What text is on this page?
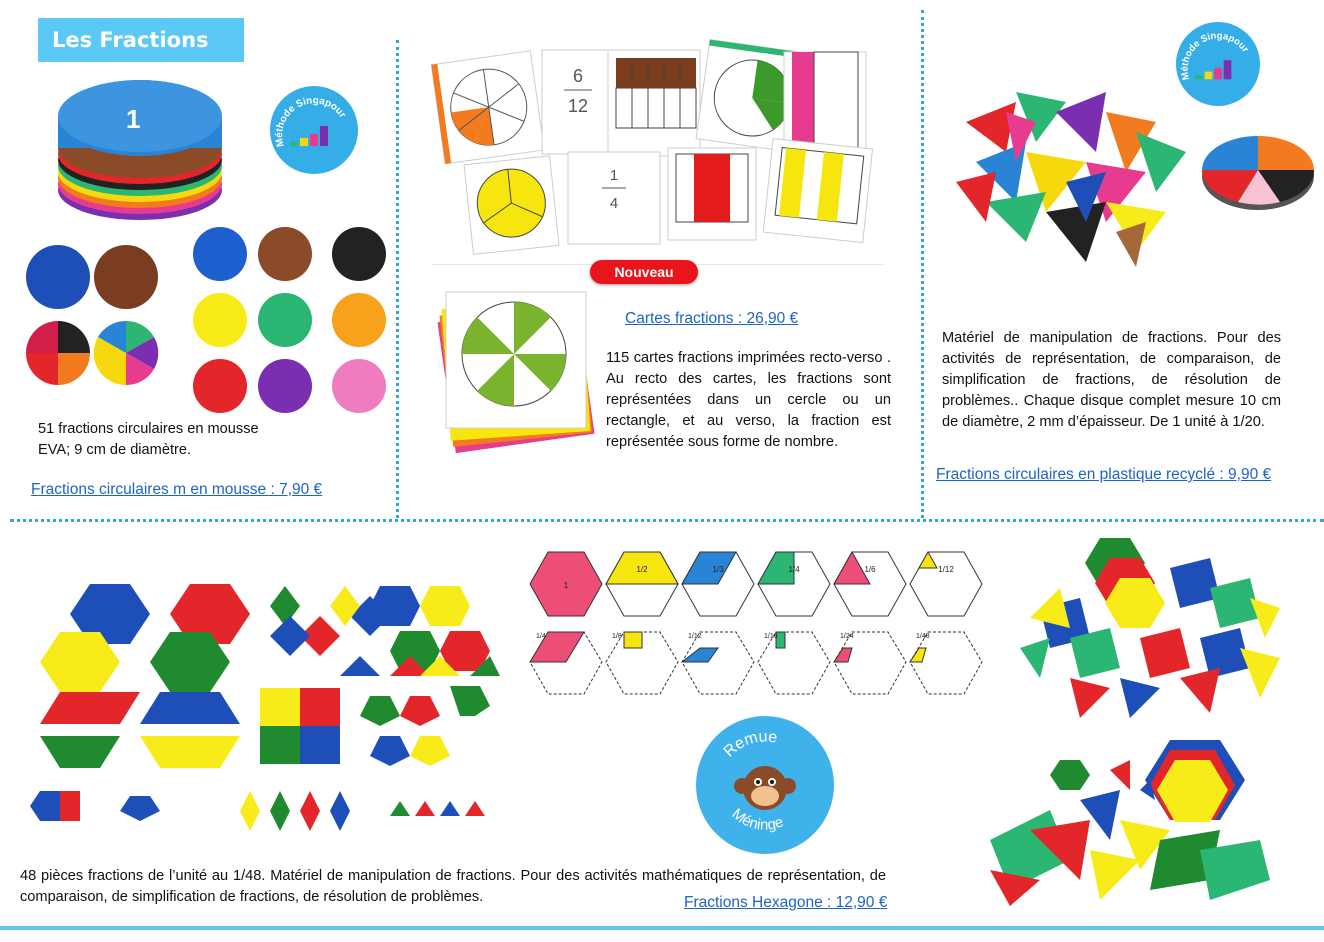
Les Fractions
1
Méthode Singapour
51 fractions circulaires en mousse EVA; 9 cm de diamètre.
Fractions circulaires m en mousse : 7,90 €
6
12
1
4
Nouveau
Cartes fractions : 26,90 €
115 cartes fractions imprimées recto-verso . Au recto des cartes, les fractions sont représentées dans un cercle ou un rectangle, et au verso, la fraction est représentée sous forme de nombre.
Méthode Singapour
Matériel de manipulation de fractions. Pour des activités de représentation, de comparaison, de simplification de fractions, de résolution de problèmes.. Chaque disque complet mesure 10 cm de diamètre, 2 mm d’épaisseur. De 1 unité à 1/20.
Fractions circulaires en plastique recyclé : 9,90 €
1
1/2	1/3	1/4	1/6	1/12
1/4	1/8	1/12	1/16	1/24	1/48
Remue
Méninge
48 pièces fractions de l’unité au 1/48. Matériel de manipulation de fractions. Pour des activités mathématiques de représentation, de comparaison, de simplification de fractions, de résolution de problèmes.	Fractions Hexagone : 12,90 €
